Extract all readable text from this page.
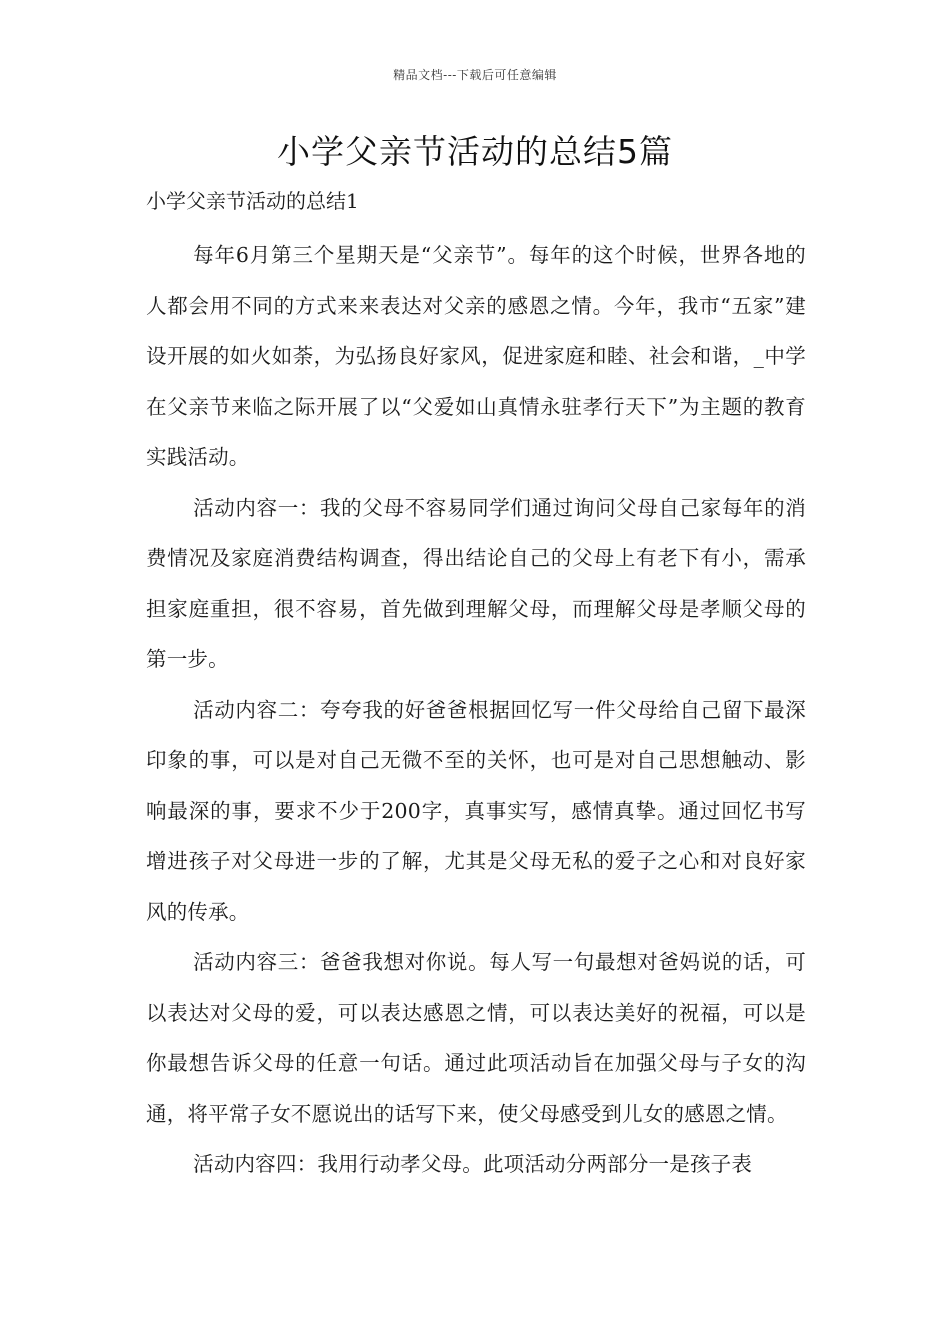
精品文档---下载后可任意编辑
小学父亲节活动的总结5篇

小学父亲节活动的总结1

每年6月第三个星期天是“父亲节”。每年的这个时候，世界各地的人都会用不同的方式来来表达对父亲的感恩之情。今年，我市“五家”建设开展的如火如荼，为弘扬良好家风，促进家庭和睦、社会和谐，_中学在父亲节来临之际开展了以“父爱如山真情永驻孝行天下”为主题的教育实践活动。

活动内容一：我的父母不容易同学们通过询问父母自己家每年的消费情况及家庭消费结构调查，得出结论自己的父母上有老下有小，需承担家庭重担，很不容易，首先做到理解父母，而理解父母是孝顺父母的第一步。

活动内容二：夸夸我的好爸爸根据回忆写一件父母给自己留下最深印象的事，可以是对自己无微不至的关怀，也可是对自己思想触动、影响最深的事，要求不少于200字，真事实写，感情真挚。通过回忆书写增进孩子对父母进一步的了解，尤其是父母无私的爱子之心和对良好家风的传承。

活动内容三：爸爸我想对你说。每人写一句最想对爸妈说的话，可以表达对父母的爱，可以表达感恩之情，可以表达美好的祝福，可以是你最想告诉父母的任意一句话。通过此项活动旨在加强父母与子女的沟通，将平常子女不愿说出的话写下来，使父母感受到儿女的感恩之情。

活动内容四：我用行动孝父母。此项活动分两部分一是孩子表
